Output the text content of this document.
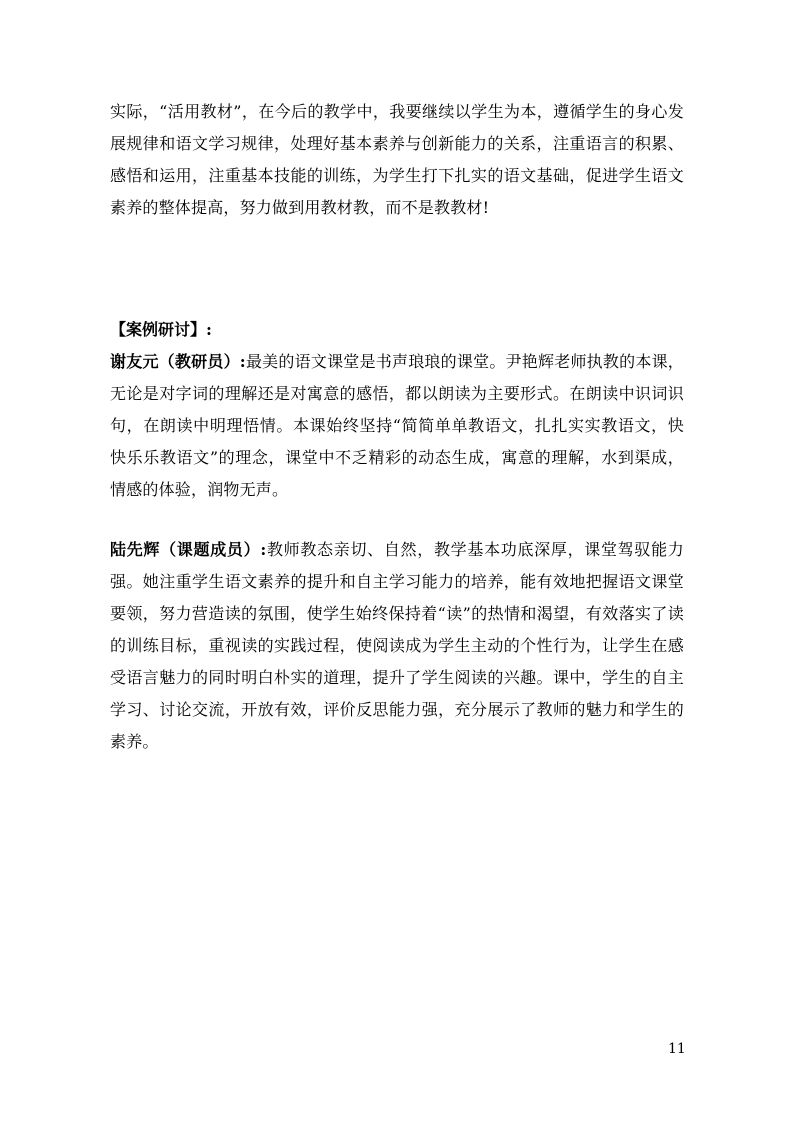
实际，“活用教材”，在今后的教学中，我要继续以学生为本，遵循学生的身心发展规律和语文学习规律，处理好基本素养与创新能力的关系，注重语言的积累、感悟和运用，注重基本技能的训练，为学生打下扎实的语文基础，促进学生语文素养的整体提高，努力做到用教材教，而不是教教材!

【案例研讨】:

谢友元（教研员）:最美的语文课堂是书声琅琅的课堂。尹艳辉老师执教的本课，无论是对字词的理解还是对寓意的感悟，都以朗读为主要形式。在朗读中识词识句，在朗读中明理悟情。本课始终坚持“简简单单教语文，扎扎实实教语文，快快乐乐教语文”的理念，课堂中不乏精彩的动态生成，寓意的理解，水到渠成，情感的体验，润物无声。

陆先辉（课题成员）:教师教态亲切、自然，教学基本功底深厚，课堂驾驭能力强。她注重学生语文素养的提升和自主学习能力的培养，能有效地把握语文课堂要领，努力营造读的氛围，使学生始终保持着“读”的热情和渴望，有效落实了读的训练目标，重视读的实践过程，使阅读成为学生主动的个性行为，让学生在感受语言魅力的同时明白朴实的道理，提升了学生阅读的兴趣。课中，学生的自主学习、讨论交流，开放有效，评价反思能力强，充分展示了教师的魅力和学生的素养。

11
